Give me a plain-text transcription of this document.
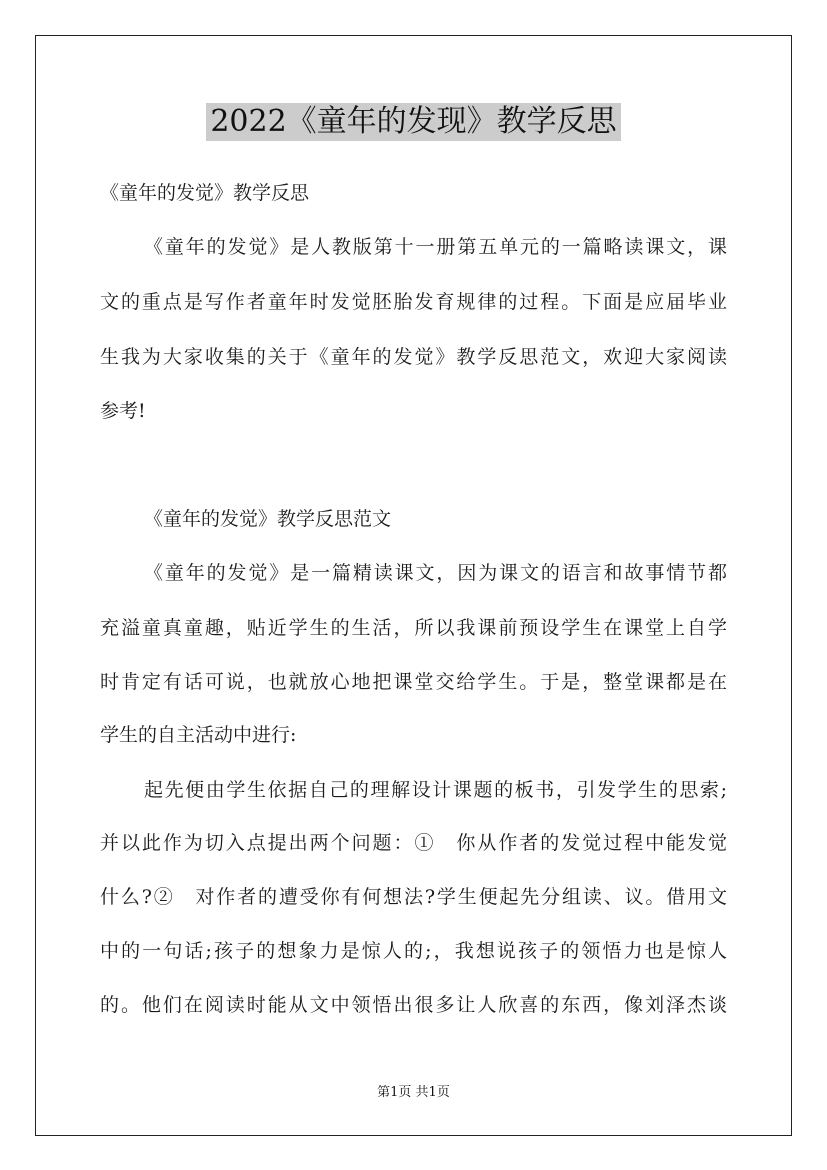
2022《童年的发现》教学反思
《童年的发觉》教学反思
《童年的发觉》是人教版第十一册第五单元的一篇略读课文，课
文的重点是写作者童年时发觉胚胎发育规律的过程。下面是应届毕业
生我为大家收集的关于《童年的发觉》教学反思范文，欢迎大家阅读
参考!
《童年的发觉》教学反思范文
《童年的发觉》是一篇精读课文，因为课文的语言和故事情节都
充溢童真童趣，贴近学生的生活，所以我课前预设学生在课堂上自学
时肯定有话可说，也就放心地把课堂交给学生。于是，整堂课都是在
学生的自主活动中进行:
起先便由学生依据自己的理解设计课题的板书，引发学生的思索;
并以此作为切入点提出两个问题：①　你从作者的发觉过程中能发觉
什么?②　对作者的遭受你有何想法?学生便起先分组读、议。借用文
中的一句话;孩子的想象力是惊人的;，我想说孩子的领悟力也是惊人
的。他们在阅读时能从文中领悟出很多让人欣喜的东西，像刘泽杰谈
第1页 共1页
